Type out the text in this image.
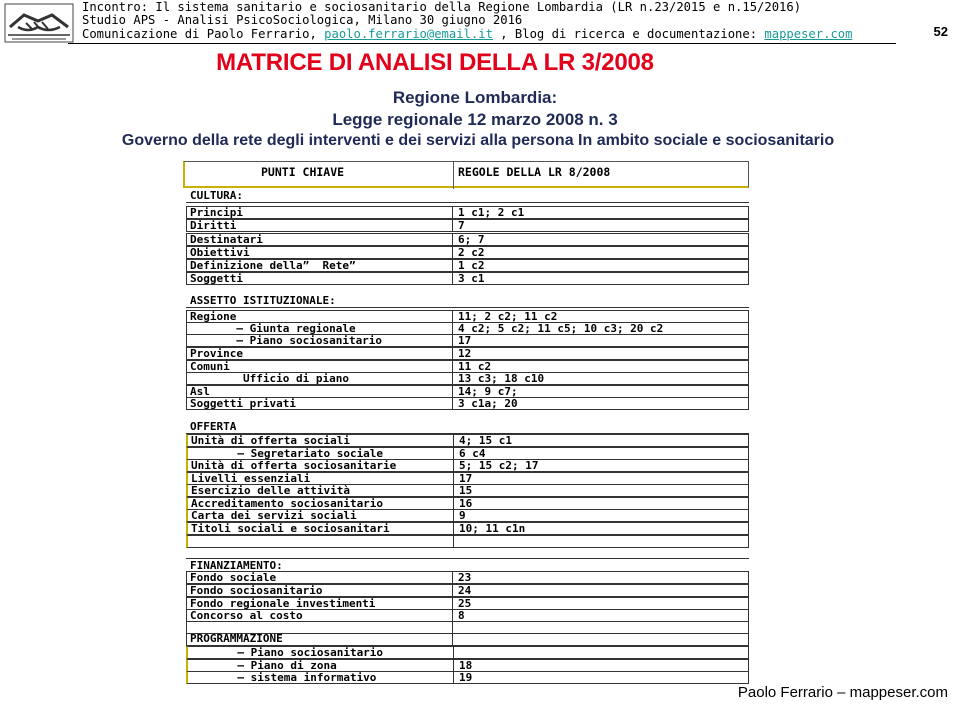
Incontro: Il sistema sanitario e sociosanitario della Regione Lombardia (LR n.23/2015 e n.15/2016)
Studio APS - Analisi PsicoSociologica, Milano 30 giugno 2016
Comunicazione di Paolo Ferrario, paolo.ferrario@email.it , Blog di ricerca e documentazione: mappeser.com	52
MATRICE DI ANALISI DELLA LR 3/2008
Regione Lombardia:
Legge regionale 12 marzo 2008 n. 3
Governo della rete degli interventi e dei servizi alla persona In ambito sociale e sociosanitario
PUNTI CHIAVE	REGOLE DELLA LR 8/2008
CULTURA:
Principi	1 c1; 2 c1
Diritti	7
Destinatari	6; 7
Obiettivi	2 c2
Definizione della”  Rete”	1 c2
Soggetti	3 c1
ASSETTO ISTITUZIONALE:
Regione	11; 2 c2; 11 c2
– Giunta regionale	4 c2; 5 c2; 11 c5; 10 c3; 20 c2
– Piano sociosanitario	17
Province	12
Comuni	11 c2
Ufficio di piano	13 c3; 18 c10
Asl	14; 9 c7;
Soggetti privati	3 c1a; 20
OFFERTA
Unità di offerta sociali	4; 15 c1
– Segretariato sociale	6 c4
Unità di offerta sociosanitarie	5; 15 c2; 17
Livelli essenziali	17
Esercizio delle attività	15
Accreditamento sociosanitario	16
Carta dei servizi sociali	9
Titoli sociali e sociosanitari	10; 11 c1n
FINANZIAMENTO:
Fondo sociale	23
Fondo sociosanitario	24
Fondo regionale investimenti	25
Concorso al costo	8
PROGRAMMAZIONE
– Piano sociosanitario
– Piano di zona	18
– sistema informativo	19
Paolo Ferrario – mappeser.com
